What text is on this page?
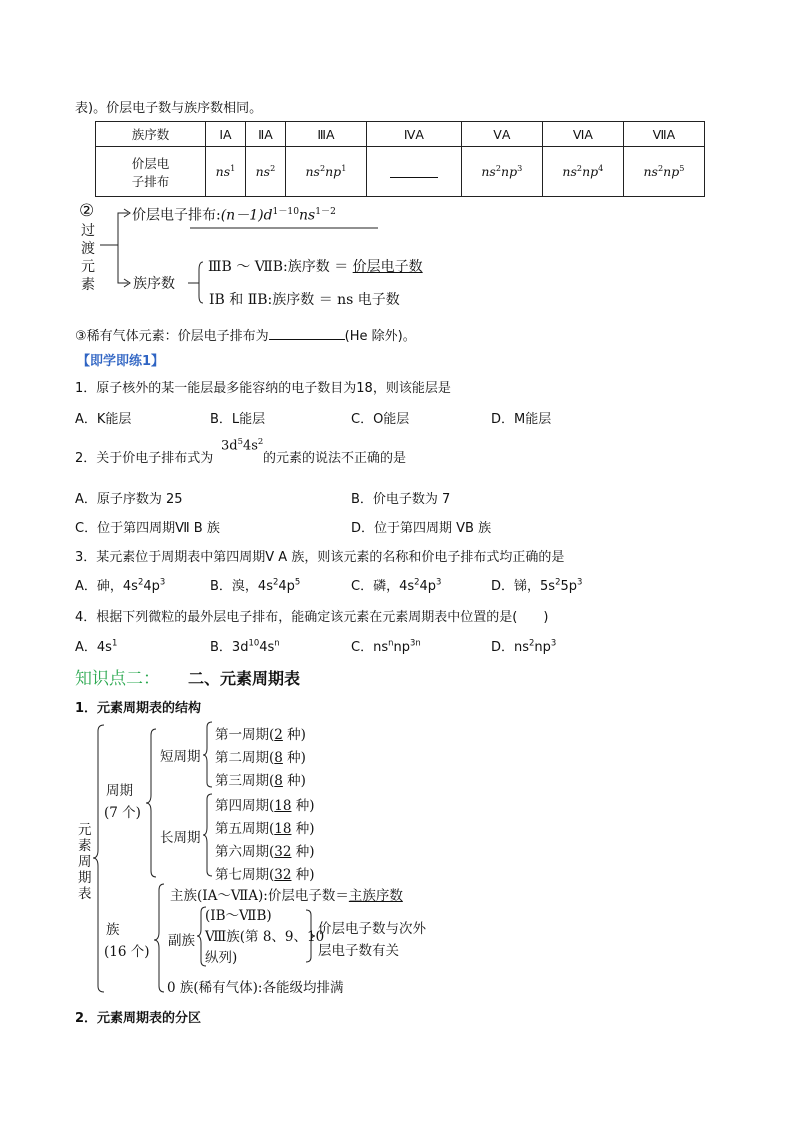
表)。价层电子数与族序数相同。
族序数	ⅠA	ⅡA	ⅢA	ⅣA	ⅤA	ⅥA	ⅦA
价层电
子排布	$ns^1$	$ns^2$	$ns^2np^1$		$ns^2np^3$	$ns^2np^4$	$ns^2np^5$
②
过
渡
元
素
价层电子排布$:(n-1)d^{1-10}ns^{1-2}$
族序数
ⅢB ～ ⅦB:族序数 ＝ 价层电子数
ⅠB 和 ⅡB:族序数 ＝ ns 电子数
③稀有气体元素：价层电子排布为	(He 除外)。
【即学即练1】
1．原子核外的某一能层最多能容纳的电子数目为18，则该能层是
A．K能层	B．L能层	C．O能层	D．M能层
2．关于价电子排布式为
$3d^54s^2$
的元素的说法不正确的是
A．原子序数为 25	B．价电子数为 7
C．位于第四周期Ⅶ B 族	D．位于第四周期 VB 族
3．某元素位于周期表中第四周期Ⅴ A 族，则该元素的名称和价电子排布式均正确的是
A．砷，$4s^24p^3$	B．溴，$4s^24p^5$	C．磷，$4s^24p^3$	D．锑，$5s^25p^3$
4．根据下列微粒的最外层电子排布，能确定该元素在元素周期表中位置的是(　　)
A．$4s^1$	B．$3d^{10}4s^n$	C．$ns^nnp^{3n}$	D．$ns^2np^3$
知识点二： 二、元素周期表
1．元素周期表的结构
元
素
周
期
表
周期
(7 个)
短周期
长周期
第一周期(2 种)
第二周期(8 种)
第三周期(8 种)
第四周期(18 种)
第五周期(18 种)
第六周期(32 种)
第七周期(32 种)
族
(16 个)
主族(ⅠA～ⅦA):价层电子数＝主族序数
副族
(ⅠB～ⅦB)
Ⅷ族(第 8、9、10
纵列)
价层电子数与次外
层电子数有关
0 族(稀有气体):各能级均排满
2．元素周期表的分区
